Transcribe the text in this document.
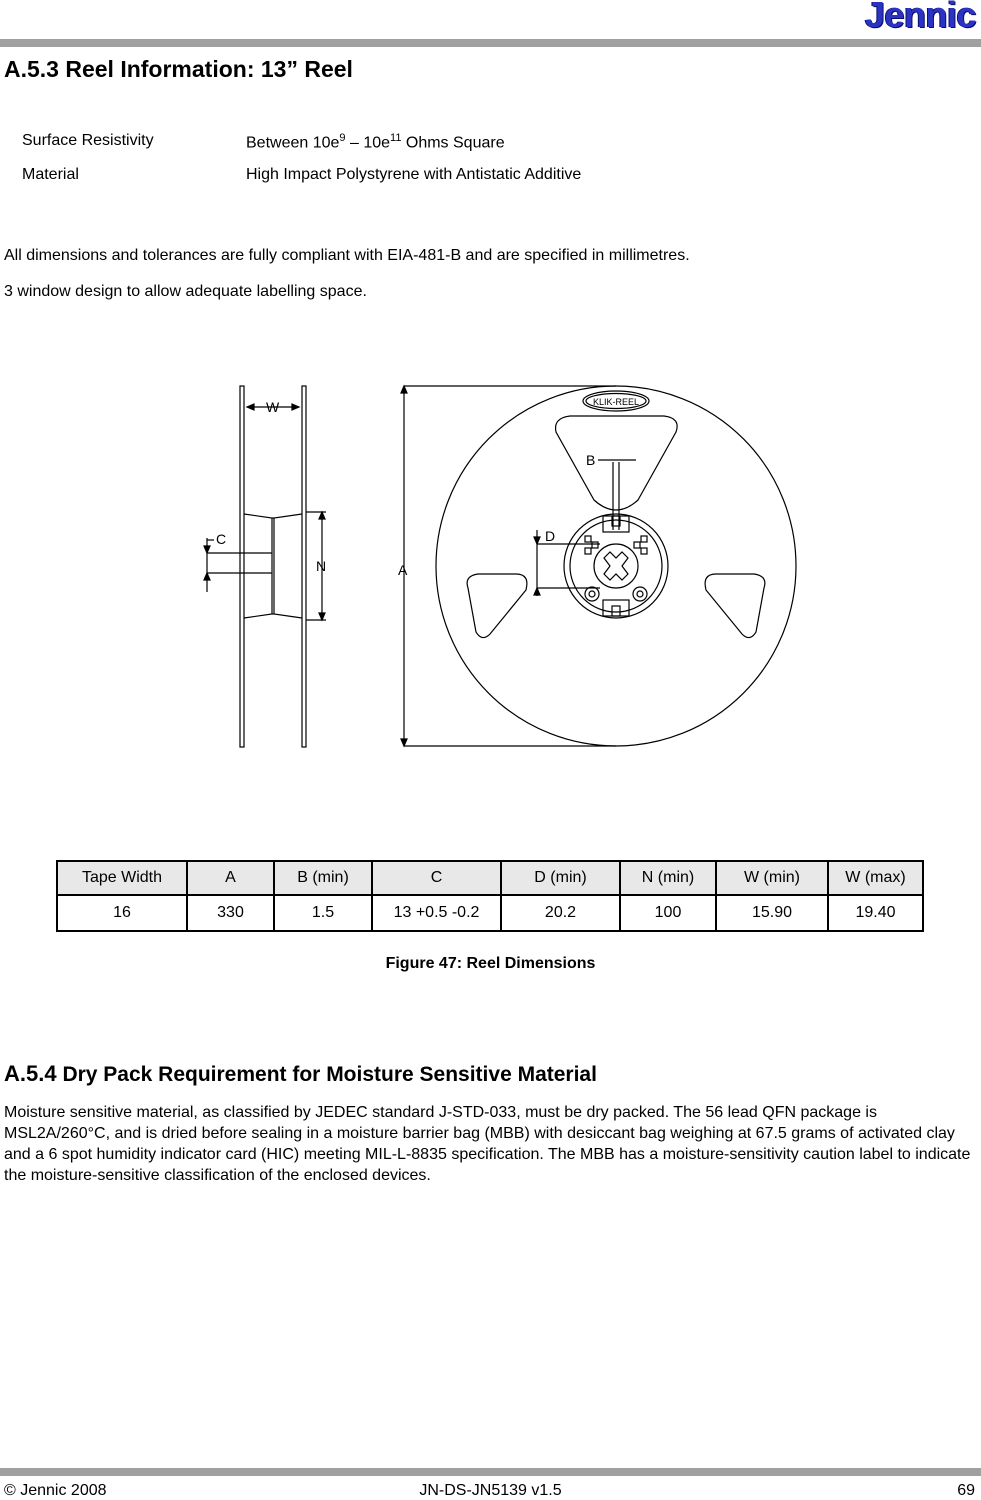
Jennic
A.5.3 Reel Information: 13” Reel
Surface Resistivity	Between $10e^9 - 10e^{11}$ Ohms Square
Material	High Impact Polystyrene with Antistatic Additive

All dimensions and tolerances are fully compliant with EIA-481-B and are specified in millimetres.

3 window design to allow adequate labelling space.

W
C
N	A
B
D
KLIK-REEL
Tape Width	A	B (min)	C	D (min)	N (min)	W (min)	W (max)
16	330	1.5	13 +0.5 -0.2	20.2	100	15.90	19.40
Figure 47: Reel Dimensions
A.5.4 Dry Pack Requirement for Moisture Sensitive Material

Moisture sensitive material, as classified by JEDEC standard J-STD-033, must be dry packed. The 56 lead QFN package is MSL2A/260°C, and is dried before sealing in a moisture barrier bag (MBB) with desiccant bag weighing at 67.5 grams of activated clay and a 6 spot humidity indicator card (HIC) meeting MIL-L-8835 specification. The MBB has a moisture-sensitivity caution label to indicate the moisture-sensitive classification of the enclosed devices.

© Jennic 2008	JN-DS-JN5139 v1.5	69
